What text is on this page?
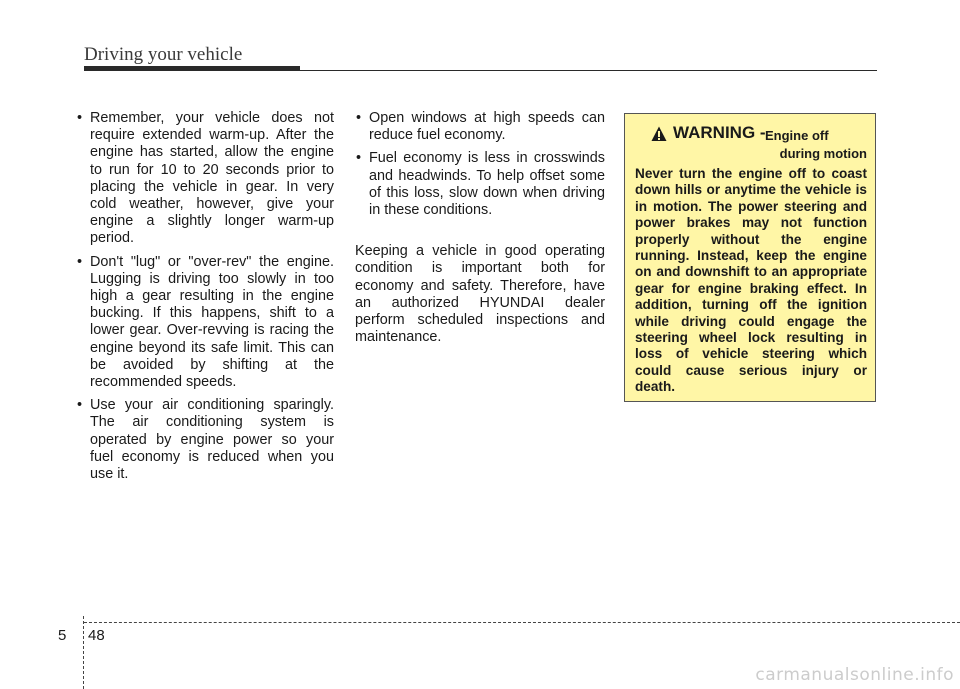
Driving your vehicle
• Remember, your vehicle does not require extended warm-up. After the engine has started, allow the engine to run for 10 to 20 seconds prior to placing the vehicle in gear. In very cold weather, however, give your engine a slightly longer warm-up period.
• Don't "lug" or "over-rev" the engine. Lugging is driving too slowly in too high a gear resulting in the engine bucking. If this happens, shift to a lower gear. Over-revving is racing the engine beyond its safe limit. This can be avoided by shifting at the recommended speeds.
• Use your air conditioning sparingly. The air conditioning system is operated by engine power so your fuel economy is reduced when you use it.
• Open windows at high speeds can reduce fuel economy.
• Fuel economy is less in crosswinds and headwinds. To help offset some of this loss, slow down when driving in these conditions.

Keeping a vehicle in good operating condition is important both for economy and safety. Therefore, have an authorized HYUNDAI dealer perform scheduled inspections and maintenance.

WARNING - Engine off
during motion
Never turn the engine off to coast down hills or anytime the vehicle is in motion. The power steering and power brakes may not function properly without the engine running. Instead, keep the engine on and downshift to an appropriate gear for engine braking effect. In addition, turning off the ignition while driving could engage the steering wheel lock resulting in loss of vehicle steering which could cause serious injury or death.
5 48
carmanualsonline.info
